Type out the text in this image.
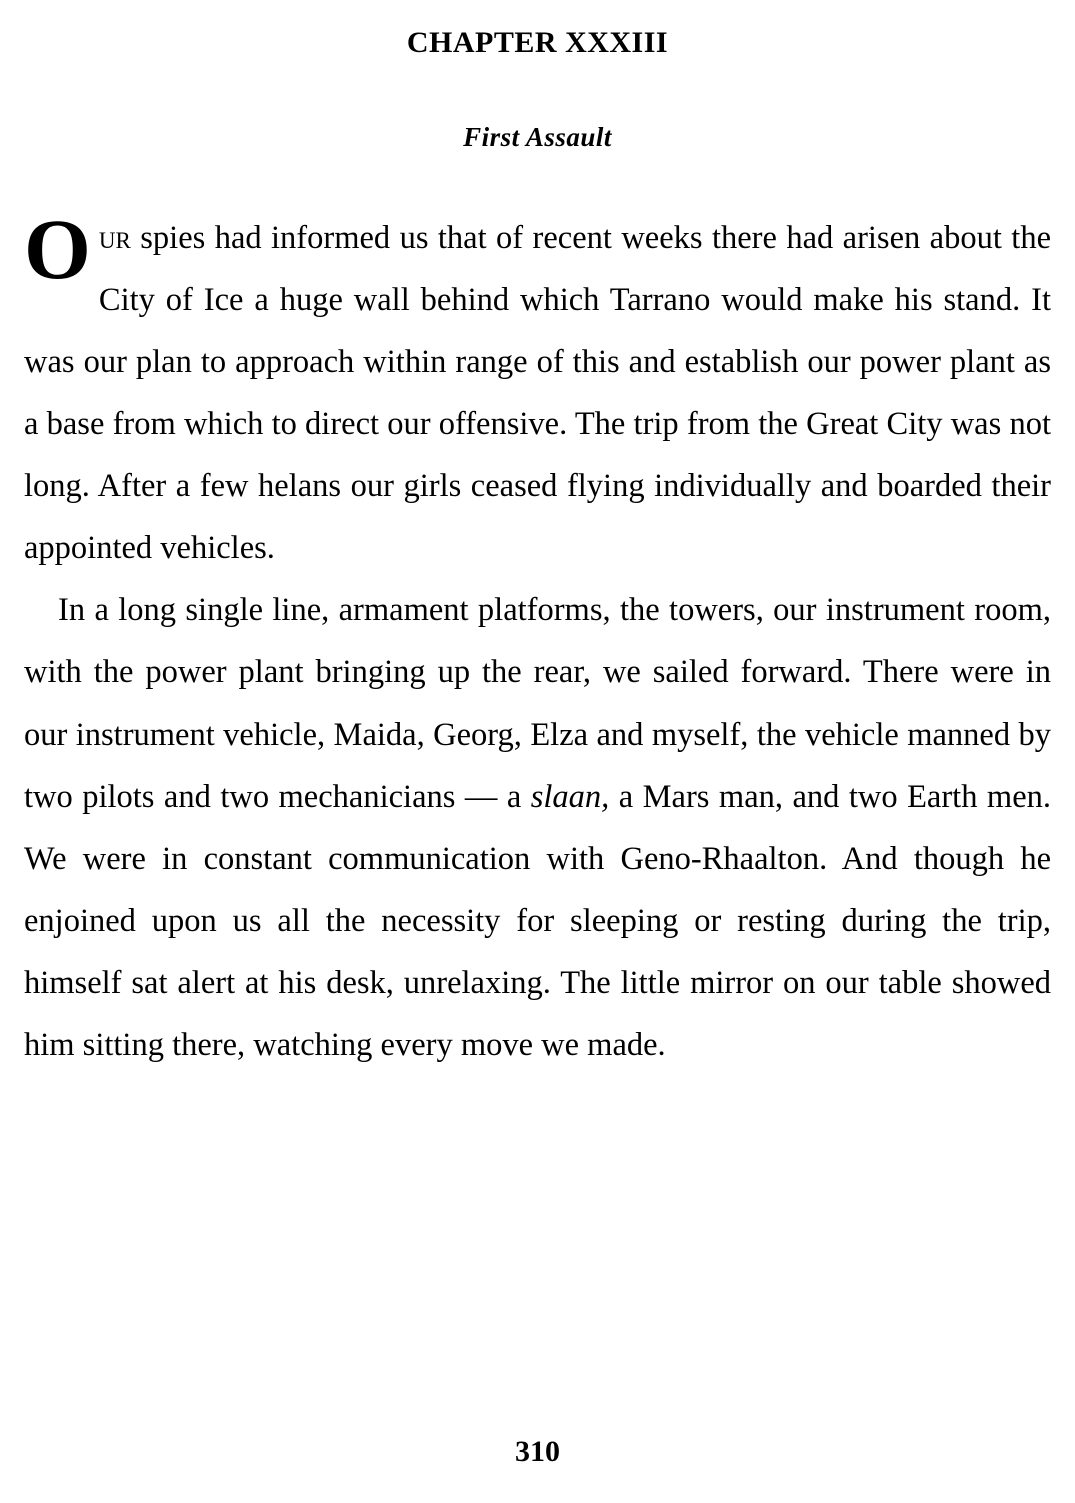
CHAPTER XXXIII
First Assault

Our spies had informed us that of recent weeks there had arisen about the City of Ice a huge wall behind which Tarrano would make his stand. It was our plan to approach within range of this and establish our power plant as a base from which to direct our offensive. The trip from the Great City was not long. After a few helans our girls ceased flying individually and boarded their appointed vehicles.

In a long single line, armament platforms, the towers, our instrument room, with the power plant bringing up the rear, we sailed forward. There were in our instrument vehicle, Maida, Georg, Elza and myself, the vehicle manned by two pilots and two mechanicians — a slaan, a Mars man, and two Earth men. We were in constant communication with Geno-Rhaalton. And though he enjoined upon us all the necessity for sleeping or resting during the trip, himself sat alert at his desk, unrelaxing. The little mirror on our table showed him sitting there, watching every move we made.

310
